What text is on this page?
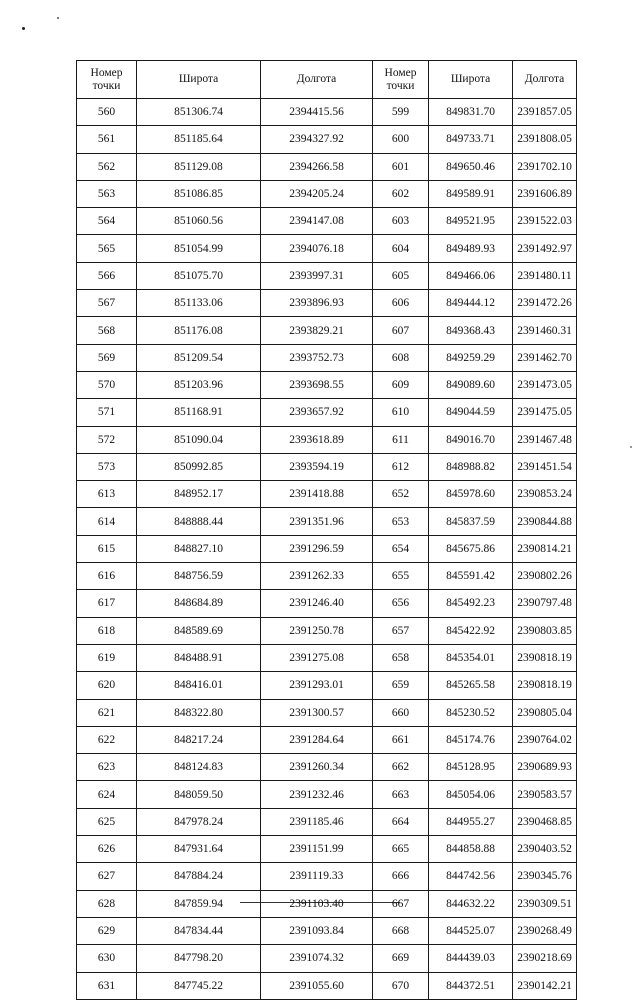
Номер
точки	Широта	Долгота	Номер
точки	Широта	Долгота
560	851306.74	2394415.56	599	849831.70	2391857.05
561	851185.64	2394327.92	600	849733.71	2391808.05
562	851129.08	2394266.58	601	849650.46	2391702.10
563	851086.85	2394205.24	602	849589.91	2391606.89
564	851060.56	2394147.08	603	849521.95	2391522.03
565	851054.99	2394076.18	604	849489.93	2391492.97
566	851075.70	2393997.31	605	849466.06	2391480.11
567	851133.06	2393896.93	606	849444.12	2391472.26
568	851176.08	2393829.21	607	849368.43	2391460.31
569	851209.54	2393752.73	608	849259.29	2391462.70
570	851203.96	2393698.55	609	849089.60	2391473.05
571	851168.91	2393657.92	610	849044.59	2391475.05
572	851090.04	2393618.89	611	849016.70	2391467.48
573	850992.85	2393594.19	612	848988.82	2391451.54
613	848952.17	2391418.88	652	845978.60	2390853.24
614	848888.44	2391351.96	653	845837.59	2390844.88
615	848827.10	2391296.59	654	845675.86	2390814.21
616	848756.59	2391262.33	655	845591.42	2390802.26
617	848684.89	2391246.40	656	845492.23	2390797.48
618	848589.69	2391250.78	657	845422.92	2390803.85
619	848488.91	2391275.08	658	845354.01	2390818.19
620	848416.01	2391293.01	659	845265.58	2390818.19
621	848322.80	2391300.57	660	845230.52	2390805.04
622	848217.24	2391284.64	661	845174.76	2390764.02
623	848124.83	2391260.34	662	845128.95	2390689.93
624	848059.50	2391232.46	663	845054.06	2390583.57
625	847978.24	2391185.46	664	844955.27	2390468.85
626	847931.64	2391151.99	665	844858.88	2390403.52
627	847884.24	2391119.33	666	844742.56	2390345.76
628	847859.94	2391103.40	667	844632.22	2390309.51
629	847834.44	2391093.84	668	844525.07	2390268.49
630	847798.20	2391074.32	669	844439.03	2390218.69
631	847745.22	2391055.60	670	844372.51	2390142.21
